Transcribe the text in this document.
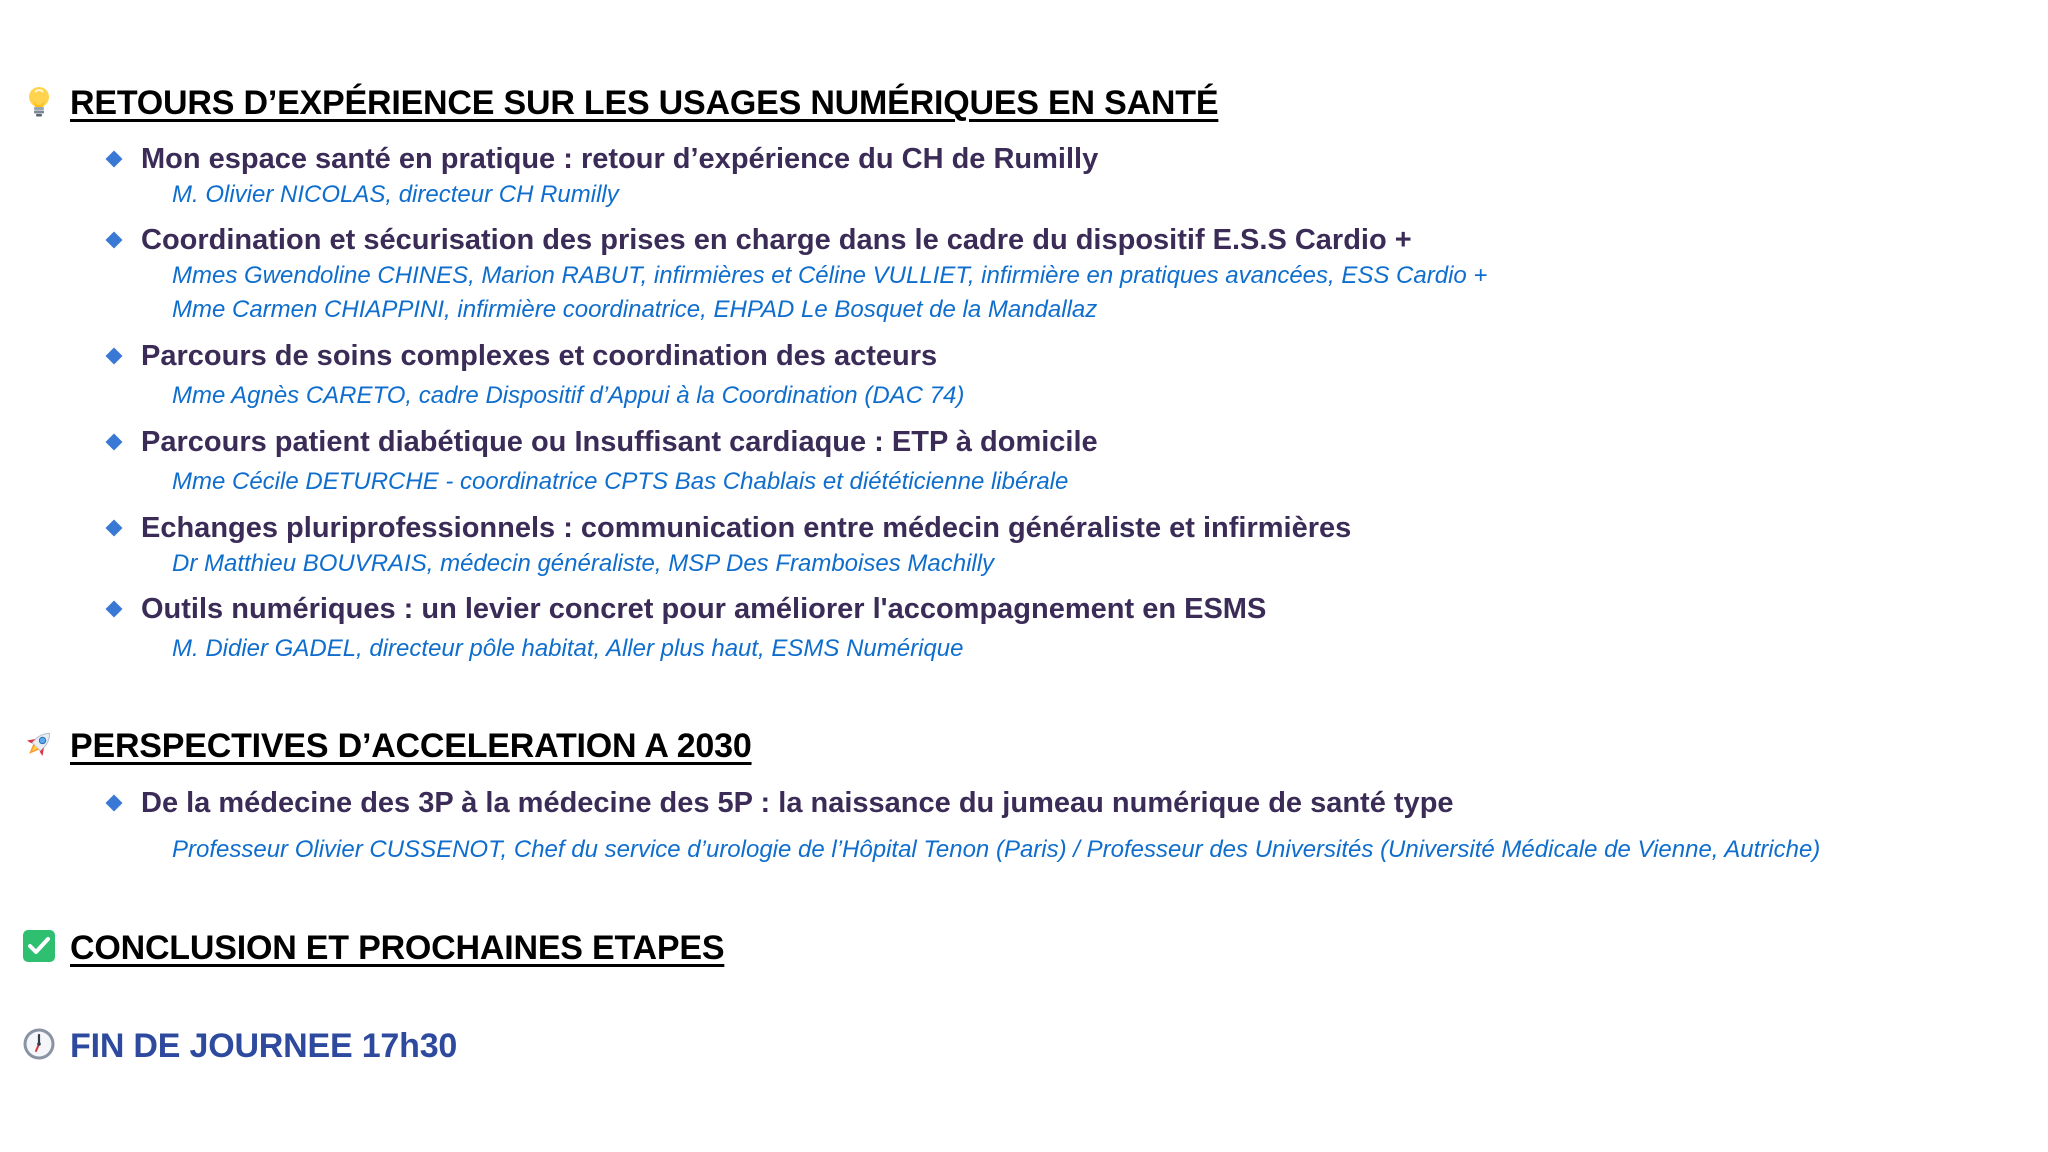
RETOURS D’EXPÉRIENCE SUR LES USAGES NUMÉRIQUES EN SANTÉ
Mon espace santé en pratique : retour d’expérience du CH de Rumilly
M. Olivier NICOLAS, directeur CH Rumilly
Coordination et sécurisation des prises en charge dans le cadre du dispositif E.S.S Cardio +
Mmes Gwendoline CHINES, Marion RABUT, infirmières et Céline VULLIET, infirmière en pratiques avancées, ESS Cardio +
Mme Carmen CHIAPPINI, infirmière coordinatrice, EHPAD Le Bosquet de la Mandallaz
Parcours de soins complexes et coordination des acteurs
Mme Agnès CARETO, cadre Dispositif d’Appui à la Coordination (DAC 74)
Parcours patient diabétique ou Insuffisant cardiaque : ETP à domicile
Mme Cécile DETURCHE - coordinatrice CPTS Bas Chablais et diététicienne libérale
Echanges pluriprofessionnels : communication entre médecin généraliste et infirmières
Dr Matthieu BOUVRAIS, médecin généraliste, MSP Des Framboises Machilly
Outils numériques : un levier concret pour améliorer l'accompagnement en ESMS
M. Didier GADEL, directeur pôle habitat, Aller plus haut, ESMS Numérique
PERSPECTIVES D’ACCELERATION A 2030
De la médecine des 3P à la médecine des 5P : la naissance du jumeau numérique de santé type
Professeur Olivier CUSSENOT, Chef du service d’urologie de l’Hôpital Tenon (Paris) / Professeur des Universités (Université Médicale de Vienne, Autriche)
CONCLUSION ET PROCHAINES ETAPES
FIN DE JOURNEE 17h30
